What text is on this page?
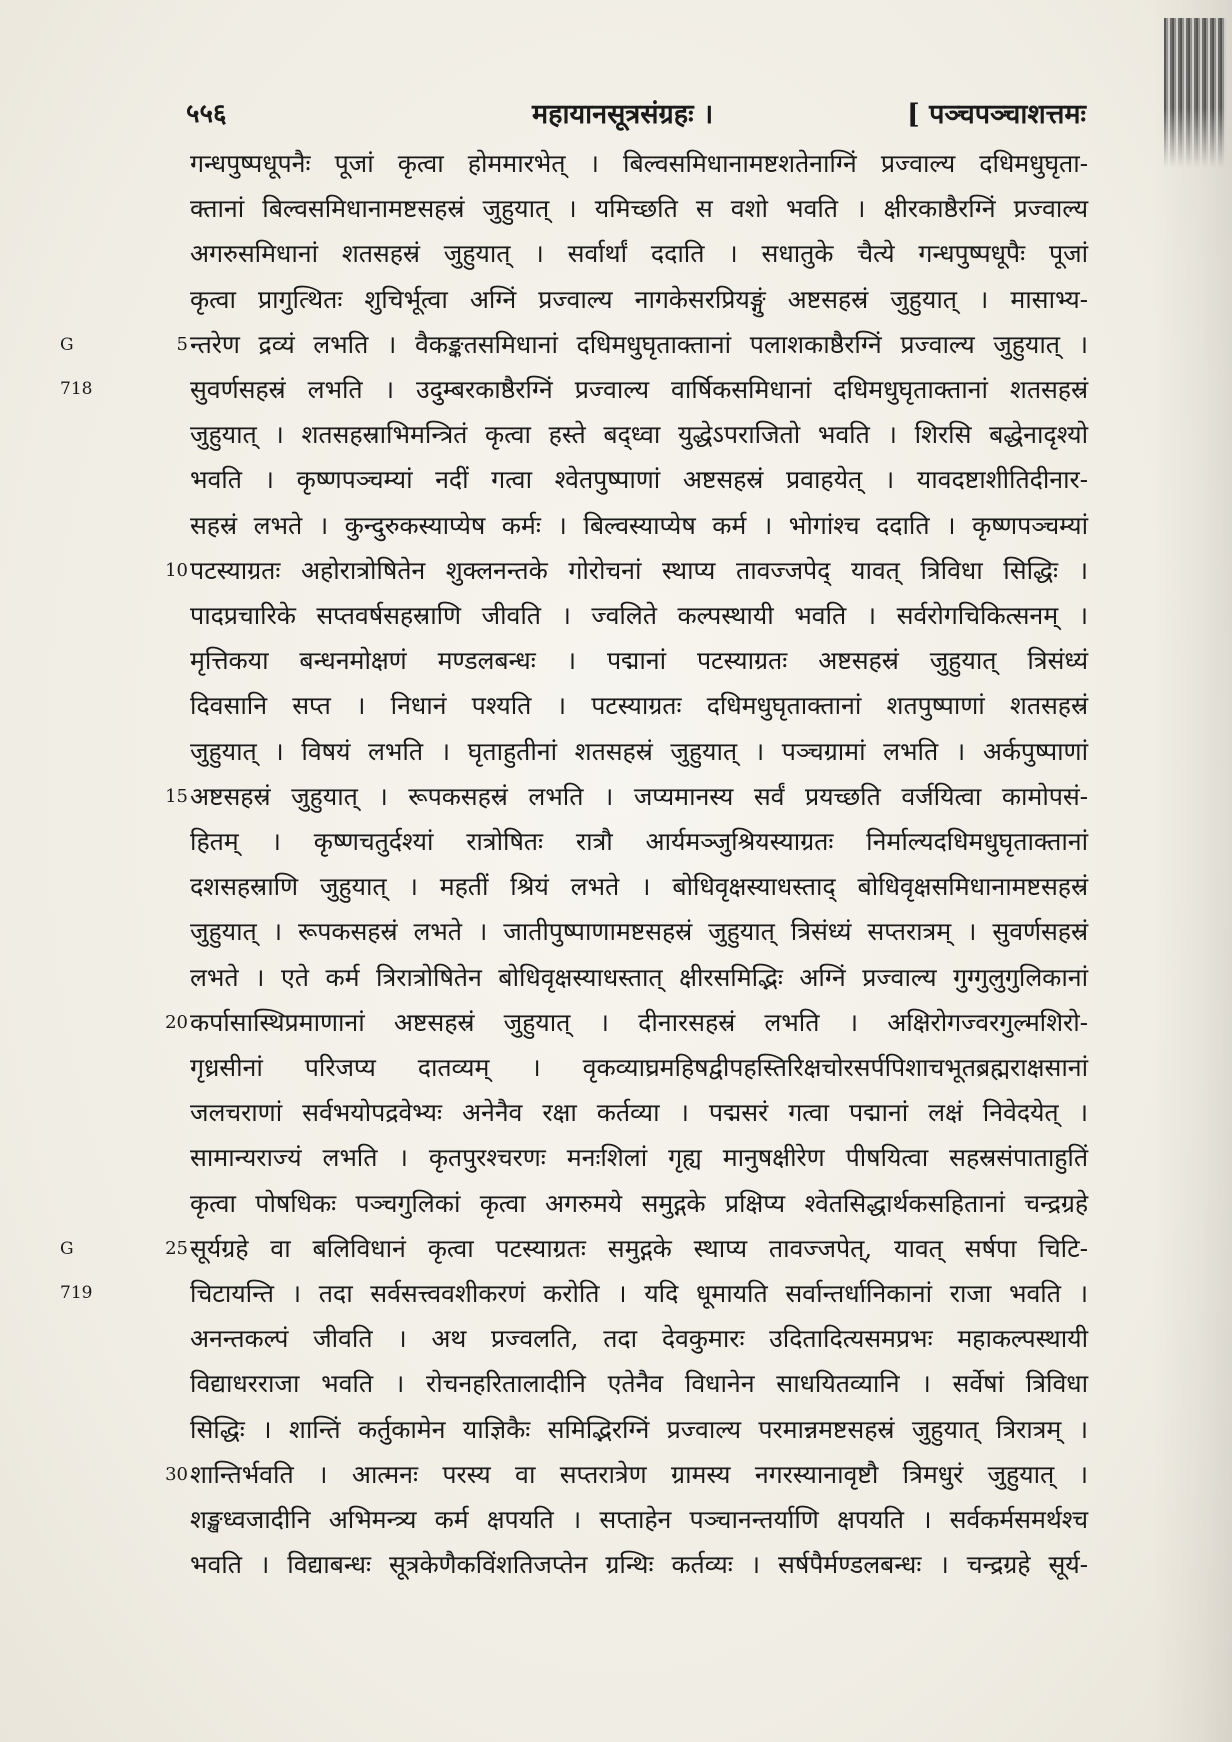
५५६	महायानसूत्रसंग्रहः ।	[ पञ्चपञ्चाशत्तमः
गन्धपुष्पधूपनैः पूजां कृत्वा होममारभेत् । बिल्वसमिधानामष्टशतेनाग्निं प्रज्वाल्य दधिमधुघृता-
क्तानां बिल्वसमिधानामष्टसहस्रं जुहुयात् । यमिच्छति स वशो भवति । क्षीरकाष्ठैरग्निं प्रज्वाल्य
अगरुसमिधानां शतसहस्रं जुहुयात् । सर्वार्थां ददाति । सधातुके चैत्ये गन्धपुष्पधूपैः पूजां
कृत्वा प्रागुत्थितः शुचिर्भूत्वा अग्निं प्रज्वाल्य नागकेसरप्रियङ्गुं अष्टसहस्रं जुहुयात् । मासाभ्य-
न्तरेण द्रव्यं लभति । वैकङ्कतसमिधानां दधिमधुघृताक्तानां पलाशकाष्ठैरग्निं प्रज्वाल्य जुहुयात् ।
5
सुवर्णसहस्रं लभति । उदुम्बरकाष्ठैरग्निं प्रज्वाल्य वार्षिकसमिधानां दधिमधुघृताक्तानां शतसहस्रं
जुहुयात् । शतसहस्राभिमन्त्रितं कृत्वा हस्ते बद्ध्वा युद्धेऽपराजितो भवति । शिरसि बद्धेनादृश्यो
भवति । कृष्णपञ्चम्यां नदीं गत्वा श्वेतपुष्पाणां अष्टसहस्रं प्रवाहयेत् । यावदष्टाशीतिदीनार-
सहस्रं लभते । कुन्दुरुकस्याप्येष कर्मः । बिल्वस्याप्येष कर्म । भोगांश्च ददाति । कृष्णपञ्चम्यां
पटस्याग्रतः अहोरात्रोषितेन शुक्लनन्तके गोरोचनां स्थाप्य तावज्जपेद् यावत् त्रिविधा सिद्धिः ।
10
पादप्रचारिके सप्तवर्षसहस्राणि जीवति । ज्वलिते कल्पस्थायी भवति । सर्वरोगचिकित्सनम् ।
मृत्तिकया बन्धनमोक्षणं मण्डलबन्धः । पद्मानां पटस्याग्रतः अष्टसहस्रं जुहुयात् त्रिसंध्यं
दिवसानि सप्त । निधानं पश्यति । पटस्याग्रतः दधिमधुघृताक्तानां शतपुष्पाणां शतसहस्रं
जुहुयात् । विषयं लभति । घृताहुतीनां शतसहस्रं जुहुयात् । पञ्चग्रामां लभति । अर्कपुष्पाणां
अष्टसहस्रं जुहुयात् । रूपकसहस्रं लभति । जप्यमानस्य सर्वं प्रयच्छति वर्जयित्वा कामोपसं-
15
हितम् । कृष्णचतुर्दश्यां रात्रोषितः रात्रौ आर्यमञ्जुश्रियस्याग्रतः निर्माल्यदधिमधुघृताक्तानां
दशसहस्राणि जुहुयात् । महतीं श्रियं लभते । बोधिवृक्षस्याधस्ताद् बोधिवृक्षसमिधानामष्टसहस्रं
जुहुयात् । रूपकसहस्रं लभते । जातीपुष्पाणामष्टसहस्रं जुहुयात् त्रिसंध्यं सप्तरात्रम् । सुवर्णसहस्रं
लभते । एते कर्म त्रिरात्रोषितेन बोधिवृक्षस्याधस्तात् क्षीरसमिद्भिः अग्निं प्रज्वाल्य गुग्गुलुगुलिकानां
कर्पासास्थिप्रमाणानां अष्टसहस्रं जुहुयात् । दीनारसहस्रं लभति । अक्षिरोगज्वरगुल्मशिरो-
20
गृध्रसीनां परिजप्य दातव्यम् । वृकव्याघ्रमहिषद्वीपहस्तिरिक्षचोरसर्पपिशाचभूतब्रह्मराक्षसानां
जलचराणां सर्वभयोपद्रवेभ्यः अनेनैव रक्षा कर्तव्या । पद्मसरं गत्वा पद्मानां लक्षं निवेदयेत् ।
सामान्यराज्यं लभति । कृतपुरश्चरणः मनःशिलां गृह्य मानुषक्षीरेण पीषयित्वा सहस्रसंपाताहुतिं
कृत्वा पोषधिकः पञ्चगुलिकां कृत्वा अगरुमये समुद्गके प्रक्षिप्य श्वेतसिद्धार्थकसहितानां चन्द्रग्रहे
सूर्यग्रहे वा बलिविधानं कृत्वा पटस्याग्रतः समुद्गके स्थाप्य तावज्जपेत्, यावत् सर्षपा चिटि-
25
चिटायन्ति । तदा सर्वसत्त्ववशीकरणं करोति । यदि धूमायति सर्वान्तर्धानिकानां राजा भवति ।
अनन्तकल्पं जीवति । अथ प्रज्वलति, तदा देवकुमारः उदितादित्यसमप्रभः महाकल्पस्थायी
विद्याधरराजा भवति । रोचनहरितालादीनि एतेनैव विधानेन साधयितव्यानि । सर्वेषां त्रिविधा
सिद्धिः । शान्तिं कर्तुकामेन याज्ञिकैः समिद्भिरग्निं प्रज्वाल्य परमान्नमष्टसहस्रं जुहुयात् त्रिरात्रम् ।
शान्तिर्भवति । आत्मनः परस्य वा सप्तरात्रेण ग्रामस्य नगरस्यानावृष्टौ त्रिमधुरं जुहुयात् ।
30
शङ्खध्वजादीनि अभिमन्त्र्य कर्म क्षपयति । सप्ताहेन पञ्चानन्तर्याणि क्षपयति । सर्वकर्मसमर्थश्च
भवति । विद्याबन्धः सूत्रकेणैकविंशतिजप्तेन ग्रन्थिः कर्तव्यः । सर्षपैर्मण्डलबन्धः । चन्द्रग्रहे सूर्य-
G718
G719
